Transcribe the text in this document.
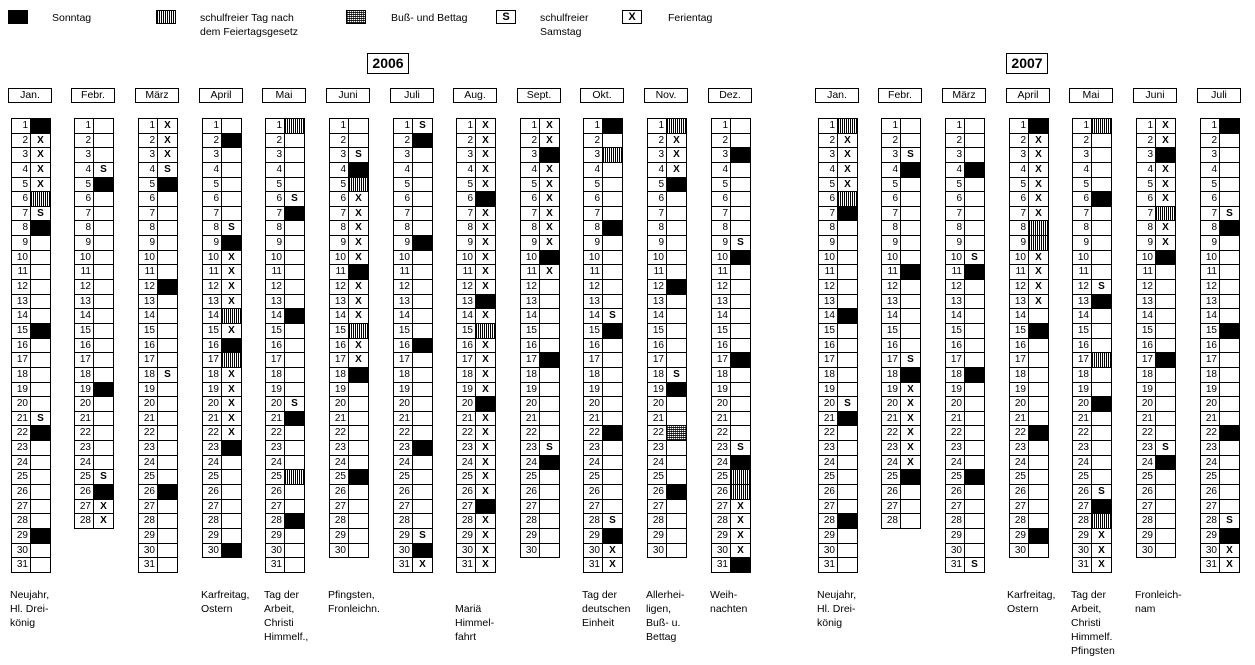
Sonntag	schulfreier Tag nach
dem Feiertagsgesetz
Buß- und Bettag	S	schulfreier
Samstag
X	Ferientag
2006	2007
Jan.
1
2 X
3 X
4 X
5 X
6
7 S
8
9
10
11
12
13
14
15
16
17
18
19
20
21 S
22
23
24
25
26
27
28
29
30
31
Febr.
1
2
3
4 S
5
6
7
8
9
10
11
12
13
14
15
16
17
18
19
20
21
22
23
24
25 S
26
27 X
28 X
März
1 X
2 X
3 X
4 S
5
6
7
8
9
10
11
12
13
14
15
16
17
18 S
19
20
21
22
23
24
25
26
27
28
29
30
31
April
1
2
3
4
5
6
7
8 S
9
10 X
11 X
12 X
13 X
14
15 X
16
17
18 X
19 X
20 X
21 X
22 X
23
24
25
26
27
28
29
30
Mai
1
2
3
4
5
6 S
7
8
9
10
11
12
13
14
15
16
17
18
19
20 S
21
22
23
24
25
26
27
28
29
30
31
Juni
1
2
3 S
4
5
6 X
7 X
8 X
9 X
10 X
11
12 X
13 X
14 X
15
16 X
17 X
18
19
20
21
22
23
24
25
26
27
28
29
30
Juli
1 S
2
3
4
5
6
7
8
9
10
11
12
13
14
15
16
17
18
19
20
21
22
23
24
25
26
27
28
29 S
30
31 X
Aug.
1 X
2 X
3 X
4 X
5 X
6
7 X
8 X
9 X
10 X
11 X
12 X
13
14 X
15
16 X
17 X
18 X
19 X
20
21 X
22 X
23 X
24 X
25 X
26 X
27
28 X
29 X
30 X
31 X
Sept.
1 X
2 X
3
4 X
5 X
6 X
7 X
8 X
9 X
10
11 X
12
13
14
15
16
17
18
19
20
21
22
23 S
24
25
26
27
28
29
30
Okt.
1
2
3
4
5
6
7
8
9
10
11
12
13
14 S
15
16
17
18
19
20
21
22
23
24
25
26
27
28 S
29
30 X
31 X
Nov.
1
2 X
3 X
4 X
5
6
7
8
9
10
11
12
13
14
15
16
17
18 S
19
20
21
22
23
24
25
26
27
28
29
30
Dez.
1
2
3
4
5
6
7
8
9 S
10
11
12
13
14
15
16
17
18
19
20
21
22
23 S
24
25
26
27 X
28 X
29 X
30 X
31
Jan.
1
2 X
3 X
4 X
5 X
6
7
8
9
10
11
12
13
14
15
16
17
18
19
20 S
21
22
23
24
25
26
27
28
29
30
31
Febr.
1
2
3 S
4
5
6
7
8
9
10
11
12
13
14
15
16
17 S
18
19 X
20 X
21 X
22 X
23 X
24 X
25
26
27
28
März
1
2
3
4
5
6
7
8
9
10 S
11
12
13
14
15
16
17
18
19
20
21
22
23
24
25
26
27
28
29
30
31 S
April
1
2 X
3 X
4 X
5 X
6 X
7 X
8
9
10 X
11 X
12 X
13 X
14
15
16
17
18
19
20
21
22
23
24
25
26
27
28
29
30
Mai
1
2
3
4
5
6
7
8
9
10
11
12 S
13
14
15
16
17
18
19
20
21
22
23
24
25
26 S
27
28
29 X
30 X
31 X
Juni
1 X
2 X
3
4 X
5 X
6 X
7
8 X
9 X
10
11
12
13
14
15
16
17
18
19
20
21
22
23 S
24
25
26
27
28
29
30
Juli
1
2
3
4
5
6
7 S
8
9
10
11
12
13
14
15
16
17
18
19
20
21
22
23
24
25
26
27
28 S
29
30 X
31 X
Neujahr,
Hl. Drei-
könig
Karfreitag,
Ostern
Tag der
Arbeit,
Christi
Himmelf.,
Pfingsten,
Fronleichn.	Mariä
Himmel-
fahrt
Tag der
deutschen
Einheit
Allerhei-
ligen,
Buß- u.
Bettag
Weih-
nachten
Neujahr,
Hl. Drei-
könig
Karfreitag,
Ostern
Tag der
Arbeit,
Christi
Himmelf.
Pfingsten
Fronleich-
nam
